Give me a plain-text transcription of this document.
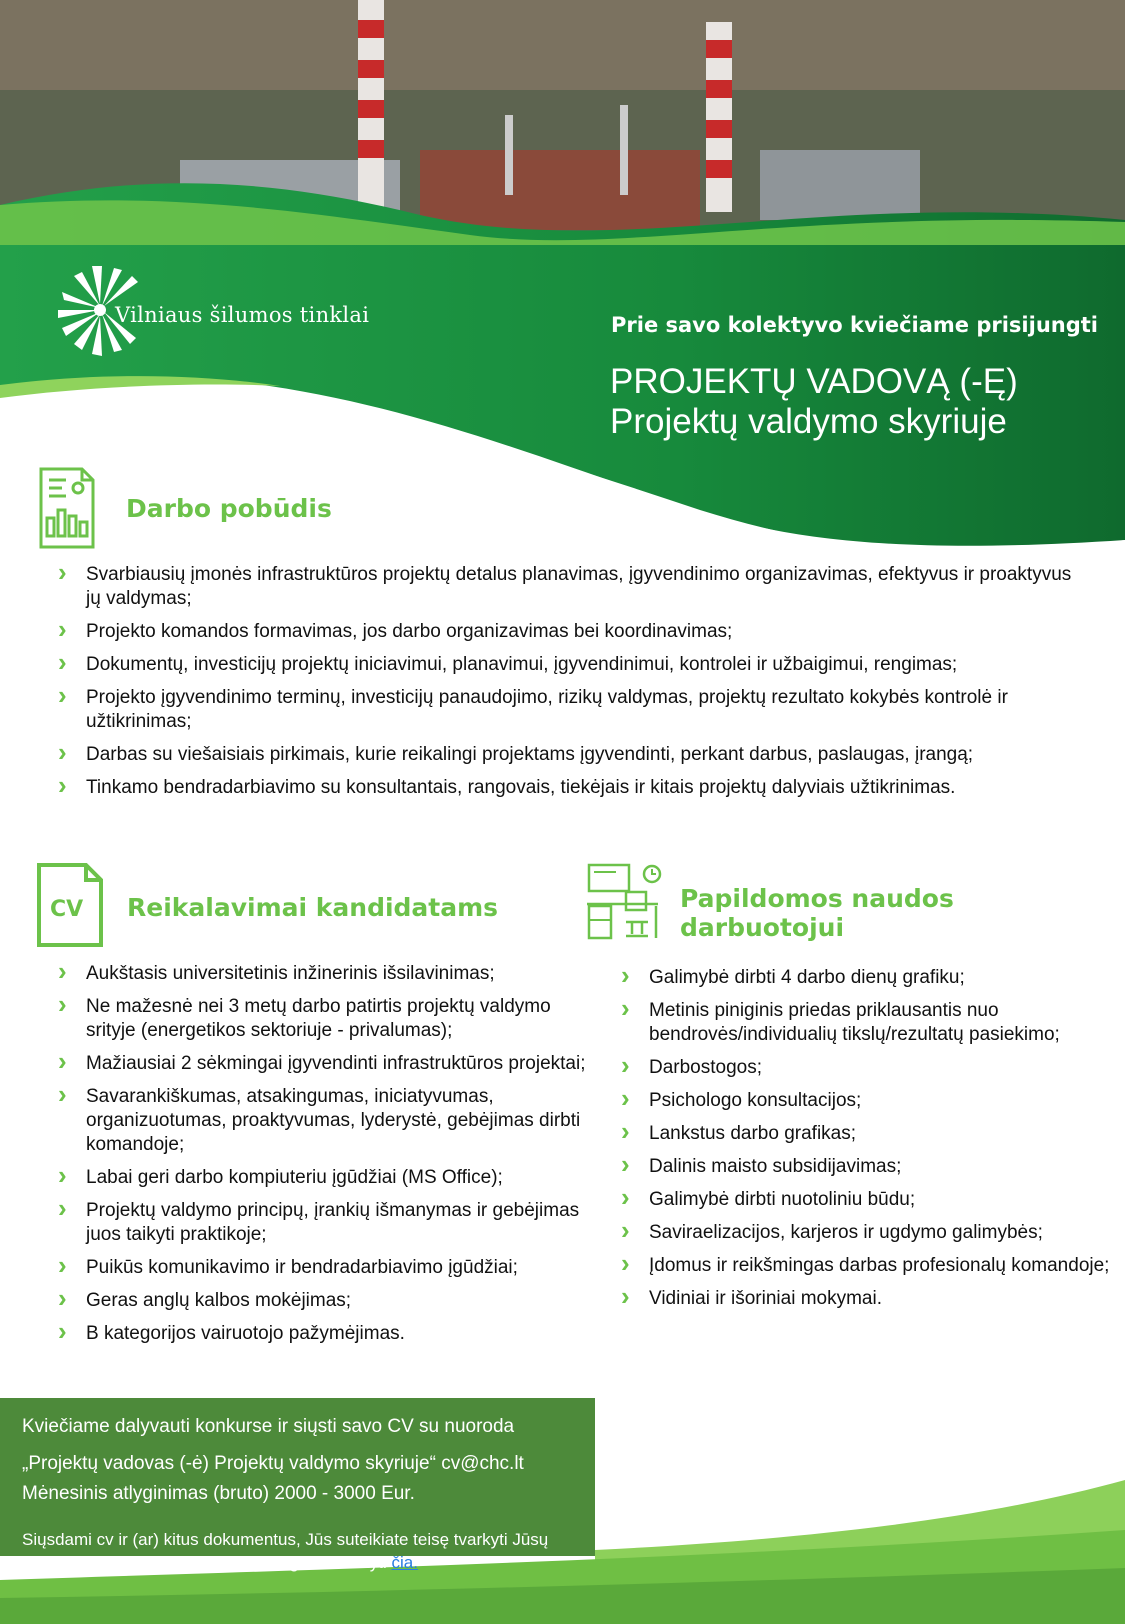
Vilniaus šilumos tinklai	Prie savo kolektyvo kviečiame prisijungti
PROJEKTŲ VADOVĄ (-Ę)
Projektų valdymo skyriuje
Darbo pobūdis
› Svarbiausių įmonės infrastruktūros projektų detalus planavimas, įgyvendinimo organizavimas, efektyvus ir proaktyvus jų valdymas;
› Projekto komandos formavimas, jos darbo organizavimas bei koordinavimas;
› Dokumentų, investicijų projektų iniciavimui, planavimui, įgyvendinimui, kontrolei ir užbaigimui, rengimas;
› Projekto įgyvendinimo terminų, investicijų panaudojimo, rizikų valdymas, projektų rezultato kokybės kontrolė ir užtikrinimas;
› Darbas su viešaisiais pirkimais, kurie reikalingi projektams įgyvendinti, perkant darbus, paslaugas, įrangą;
› Tinkamo bendradarbiavimo su konsultantais, rangovais, tiekėjais ir kitais projektų dalyviais užtikrinimas.
CV Reikalavimai kandidatams
› Aukštasis universitetinis inžinerinis išsilavinimas;
› Ne mažesnė nei 3 metų darbo patirtis projektų valdymo srityje (energetikos sektoriuje - privalumas);
› Mažiausiai 2 sėkmingai įgyvendinti infrastruktūros projektai;
› Savarankiškumas, atsakingumas, iniciatyvumas, organizuotumas, proaktyvumas, lyderystė, gebėjimas dirbti komandoje;
› Labai geri darbo kompiuteriu įgūdžiai (MS Office);
› Projektų valdymo principų, įrankių išmanymas ir gebėjimas juos taikyti praktikoje;
› Puikūs komunikavimo ir bendradarbiavimo įgūdžiai;
› Geras anglų kalbos mokėjimas;
› B kategorijos vairuotojo pažymėjimas.
Papildomos naudos darbuotojui
› Galimybė dirbti 4 darbo dienų grafiku;
› Metinis piniginis priedas priklausantis nuo bendrovės/individualių tikslų/rezultatų pasiekimo;
› Darbostogos;
› Psichologo konsultacijos;
› Lankstus darbo grafikas;
› Dalinis maisto subsidijavimas;
› Galimybė dirbti nuotoliniu būdu;
› Saviraelizacijos, karjeros ir ugdymo galimybės;
› Įdomus ir reikšmingas darbas profesionalų komandoje;
› Vidiniai ir išoriniai mokymai.
Kviečiame dalyvauti konkurse ir siųsti savo CV su nuoroda
„Projektų vadovas (-ė) Projektų valdymo skyriuje“ cv@chc.lt
Mėnesinis atlyginimas (bruto) 2000 - 3000 Eur.
Siųsdami cv ir (ar) kitus dokumentus, Jūs suteikiate teisę tvarkyti Jūsų asmens duomenis. Plačiau apie tai galite skaityti čia.
